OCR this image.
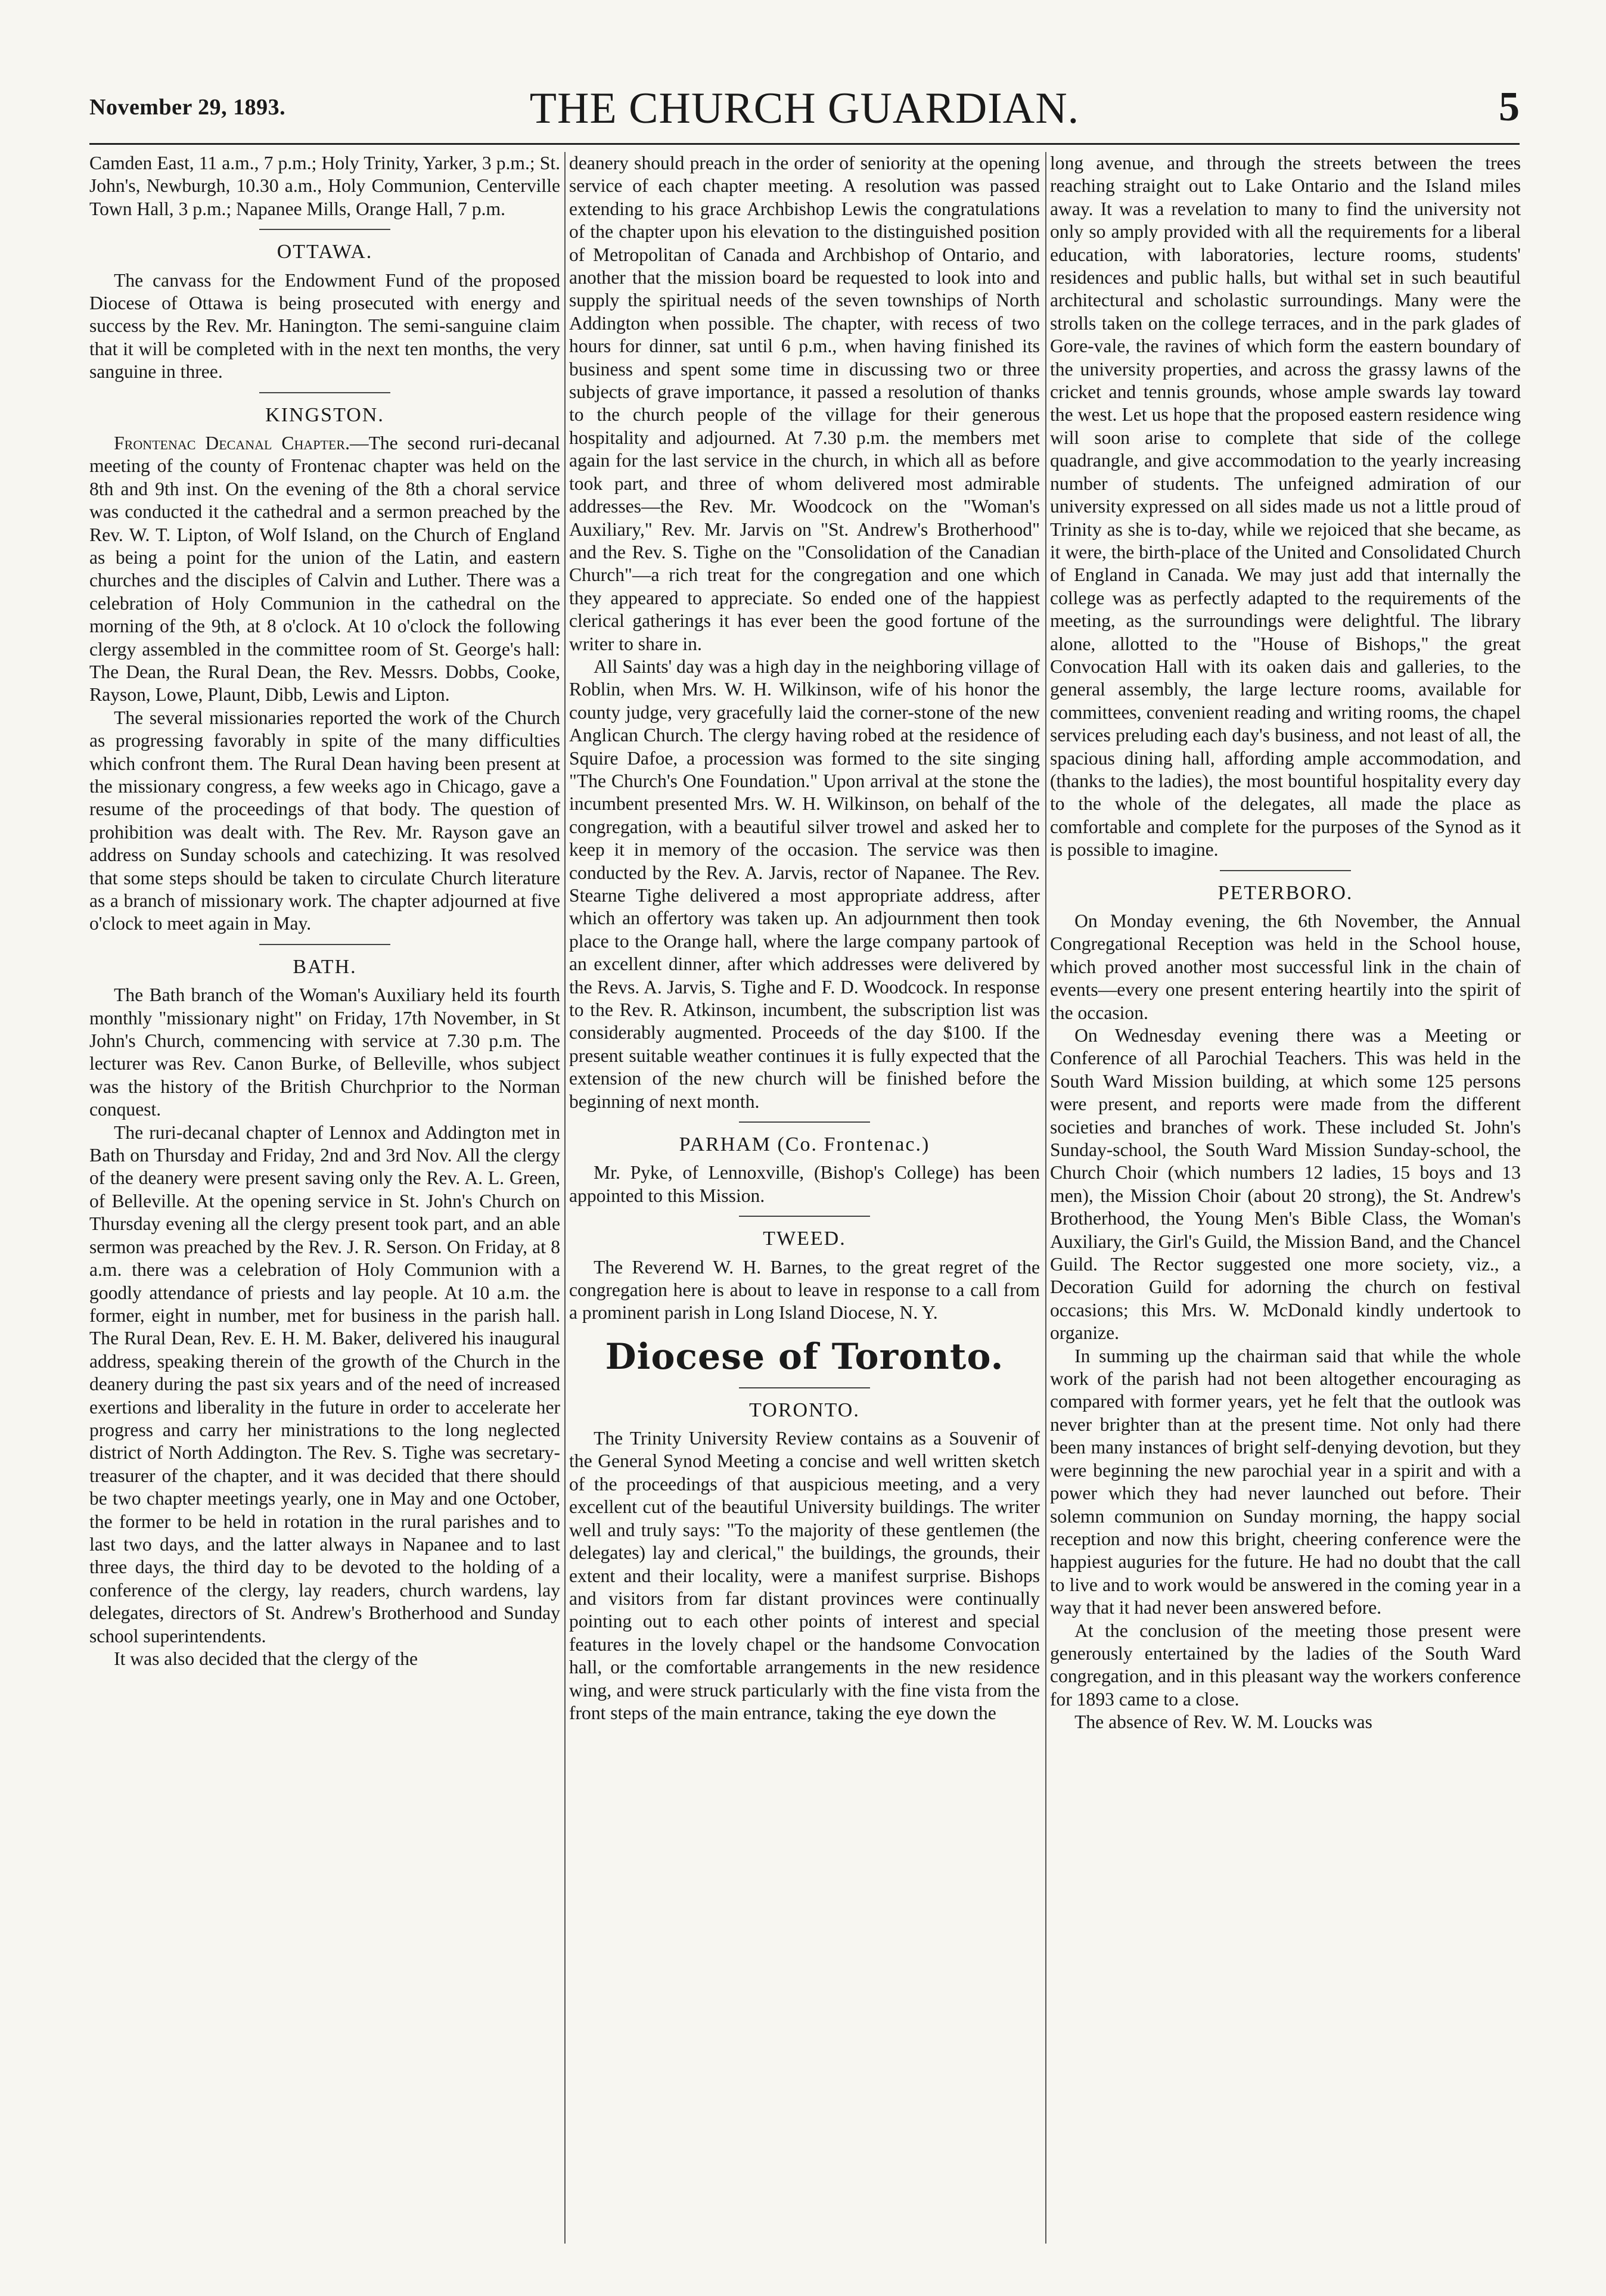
November 29, 1893.	THE CHURCH GUARDIAN.	5

Camden East, 11 a.m., 7 p.m.; Holy Trinity, Yarker, 3 p.m.; St. John's, Newburgh, 10.30 a.m., Holy Communion, Centerville Town Hall, 3 p.m.; Napanee Mills, Orange Hall, 7 p.m.

OTTAWA.

The canvass for the Endowment Fund of the proposed Diocese of Ottawa is being prosecuted with energy and success by the Rev. Mr. Hanington. The semi-sanguine claim that it will be completed with in the next ten months, the very sanguine in three.

KINGSTON.

Frontenac Decanal Chapter.—The second ruri-decanal meeting of the county of Frontenac chapter was held on the 8th and 9th inst. On the evening of the 8th a choral service was conducted it the cathedral and a sermon preached by the Rev. W. T. Lipton, of Wolf Island, on the Church of England as being a point for the union of the Latin, and eastern churches and the disciples of Calvin and Luther. There was a celebration of Holy Communion in the cathedral on the morning of the 9th, at 8 o'clock. At 10 o'clock the following clergy assembled in the committee room of St. George's hall: The Dean, the Rural Dean, the Rev. Messrs. Dobbs, Cooke, Rayson, Lowe, Plaunt, Dibb, Lewis and Lipton.

The several missionaries reported the work of the Church as progressing favorably in spite of the many difficulties which confront them. The Rural Dean having been present at the missionary congress, a few weeks ago in Chicago, gave a resume of the proceedings of that body. The question of prohibition was dealt with. The Rev. Mr. Rayson gave an address on Sunday schools and catechizing. It was resolved that some steps should be taken to circulate Church literature as a branch of missionary work. The chapter adjourned at five o'clock to meet again in May.

BATH.

The Bath branch of the Woman's Auxiliary held its fourth monthly "missionary night" on Friday, 17th November, in St John's Church, commencing with service at 7.30 p.m. The lecturer was Rev. Canon Burke, of Belleville, whos subject was the history of the British Churchprior to the Norman conquest.

The ruri-decanal chapter of Lennox and Addington met in Bath on Thursday and Friday, 2nd and 3rd Nov. All the clergy of the deanery were present saving only the Rev. A. L. Green, of Belleville. At the opening service in St. John's Church on Thursday evening all the clergy present took part, and an able sermon was preached by the Rev. J. R. Serson. On Friday, at 8 a.m. there was a celebration of Holy Communion with a goodly attendance of priests and lay people. At 10 a.m. the former, eight in number, met for business in the parish hall. The Rural Dean, Rev. E. H. M. Baker, delivered his inaugural address, speaking therein of the growth of the Church in the deanery during the past six years and of the need of increased exertions and liberality in the future in order to accelerate her progress and carry her ministrations to the long neglected district of North Addington. The Rev. S. Tighe was secretary-treasurer of the chapter, and it was decided that there should be two chapter meetings yearly, one in May and one October, the former to be held in rotation in the rural parishes and to last two days, and the latter always in Napanee and to last three days, the third day to be devoted to the holding of a conference of the clergy, lay readers, church wardens, lay delegates, directors of St. Andrew's Brotherhood and Sunday school superintendents.

It was also decided that the clergy of the

deanery should preach in the order of seniority at the opening service of each chapter meeting. A resolution was passed extending to his grace Archbishop Lewis the congratulations of the chapter upon his elevation to the distinguished position of Metropolitan of Canada and Archbishop of Ontario, and another that the mission board be requested to look into and supply the spiritual needs of the seven townships of North Addington when possible. The chapter, with recess of two hours for dinner, sat until 6 p.m., when having finished its business and spent some time in discussing two or three subjects of grave importance, it passed a resolution of thanks to the church people of the village for their generous hospitality and adjourned. At 7.30 p.m. the members met again for the last service in the church, in which all as before took part, and three of whom delivered most admirable addresses—the Rev. Mr. Woodcock on the "Woman's Auxiliary," Rev. Mr. Jarvis on "St. Andrew's Brotherhood" and the Rev. S. Tighe on the "Consolidation of the Canadian Church"—a rich treat for the congregation and one which they appeared to appreciate. So ended one of the happiest clerical gatherings it has ever been the good fortune of the writer to share in.

All Saints' day was a high day in the neighboring village of Roblin, when Mrs. W. H. Wilkinson, wife of his honor the county judge, very gracefully laid the corner-stone of the new Anglican Church. The clergy having robed at the residence of Squire Dafoe, a procession was formed to the site singing "The Church's One Foundation." Upon arrival at the stone the incumbent presented Mrs. W. H. Wilkinson, on behalf of the congregation, with a beautiful silver trowel and asked her to keep it in memory of the occasion. The service was then conducted by the Rev. A. Jarvis, rector of Napanee. The Rev. Stearne Tighe delivered a most appropriate address, after which an offertory was taken up. An adjournment then took place to the Orange hall, where the large company partook of an excellent dinner, after which addresses were delivered by the Revs. A. Jarvis, S. Tighe and F. D. Woodcock. In response to the Rev. R. Atkinson, incumbent, the subscription list was considerably augmented. Proceeds of the day $100. If the present suitable weather continues it is fully expected that the extension of the new church will be finished before the beginning of next month.

PARHAM (Co. Frontenac.)

Mr. Pyke, of Lennoxville, (Bishop's College) has been appointed to this Mission.

TWEED.

The Reverend W. H. Barnes, to the great regret of the congregation here is about to leave in response to a call from a prominent parish in Long Island Diocese, N. Y.

Diocese of Toronto.
TORONTO.

The Trinity University Review contains as a Souvenir of the General Synod Meeting a concise and well written sketch of the proceedings of that auspicious meeting, and a very excellent cut of the beautiful University buildings. The writer well and truly says: "To the majority of these gentlemen (the delegates) lay and clerical," the buildings, the grounds, their extent and their locality, were a manifest surprise. Bishops and visitors from far distant provinces were continually pointing out to each other points of interest and special features in the lovely chapel or the handsome Convocation hall, or the comfortable arrangements in the new residence wing, and were struck particularly with the fine vista from the front steps of the main entrance, taking the eye down the

long avenue, and through the streets between the trees reaching straight out to Lake Ontario and the Island miles away. It was a revelation to many to find the university not only so amply provided with all the requirements for a liberal education, with laboratories, lecture rooms, students' residences and public halls, but withal set in such beautiful architectural and scholastic surroundings. Many were the strolls taken on the college terraces, and in the park glades of Gore-vale, the ravines of which form the eastern boundary of the university properties, and across the grassy lawns of the cricket and tennis grounds, whose ample swards lay toward the west. Let us hope that the proposed eastern residence wing will soon arise to complete that side of the college quadrangle, and give accommodation to the yearly increasing number of students. The unfeigned admiration of our university expressed on all sides made us not a little proud of Trinity as she is to-day, while we rejoiced that she became, as it were, the birth-place of the United and Consolidated Church of England in Canada. We may just add that internally the college was as perfectly adapted to the requirements of the meeting, as the surroundings were delightful. The library alone, allotted to the "House of Bishops," the great Convocation Hall with its oaken dais and galleries, to the general assembly, the large lecture rooms, available for committees, convenient reading and writing rooms, the chapel services preluding each day's business, and not least of all, the spacious dining hall, affording ample accommodation, and (thanks to the ladies), the most bountiful hospitality every day to the whole of the delegates, all made the place as comfortable and complete for the purposes of the Synod as it is possible to imagine.

PETERBORO.

On Monday evening, the 6th November, the Annual Congregational Reception was held in the School house, which proved another most successful link in the chain of events—every one present entering heartily into the spirit of the occasion.

On Wednesday evening there was a Meeting or Conference of all Parochial Teachers. This was held in the South Ward Mission building, at which some 125 persons were present, and reports were made from the different societies and branches of work. These included St. John's Sunday-school, the South Ward Mission Sunday-school, the Church Choir (which numbers 12 ladies, 15 boys and 13 men), the Mission Choir (about 20 strong), the St. Andrew's Brotherhood, the Young Men's Bible Class, the Woman's Auxiliary, the Girl's Guild, the Mission Band, and the Chancel Guild. The Rector suggested one more society, viz., a Decoration Guild for adorning the church on festival occasions; this Mrs. W. McDonald kindly undertook to organize.

In summing up the chairman said that while the whole work of the parish had not been altogether encouraging as compared with former years, yet he felt that the outlook was never brighter than at the present time. Not only had there been many instances of bright self-denying devotion, but they were beginning the new parochial year in a spirit and with a power which they had never launched out before. Their solemn communion on Sunday morning, the happy social reception and now this bright, cheering conference were the happiest auguries for the future. He had no doubt that the call to live and to work would be answered in the coming year in a way that it had never been answered before.

At the conclusion of the meeting those present were generously entertained by the ladies of the South Ward congregation, and in this pleasant way the workers conference for 1893 came to a close.

The absence of Rev. W. M. Loucks was
